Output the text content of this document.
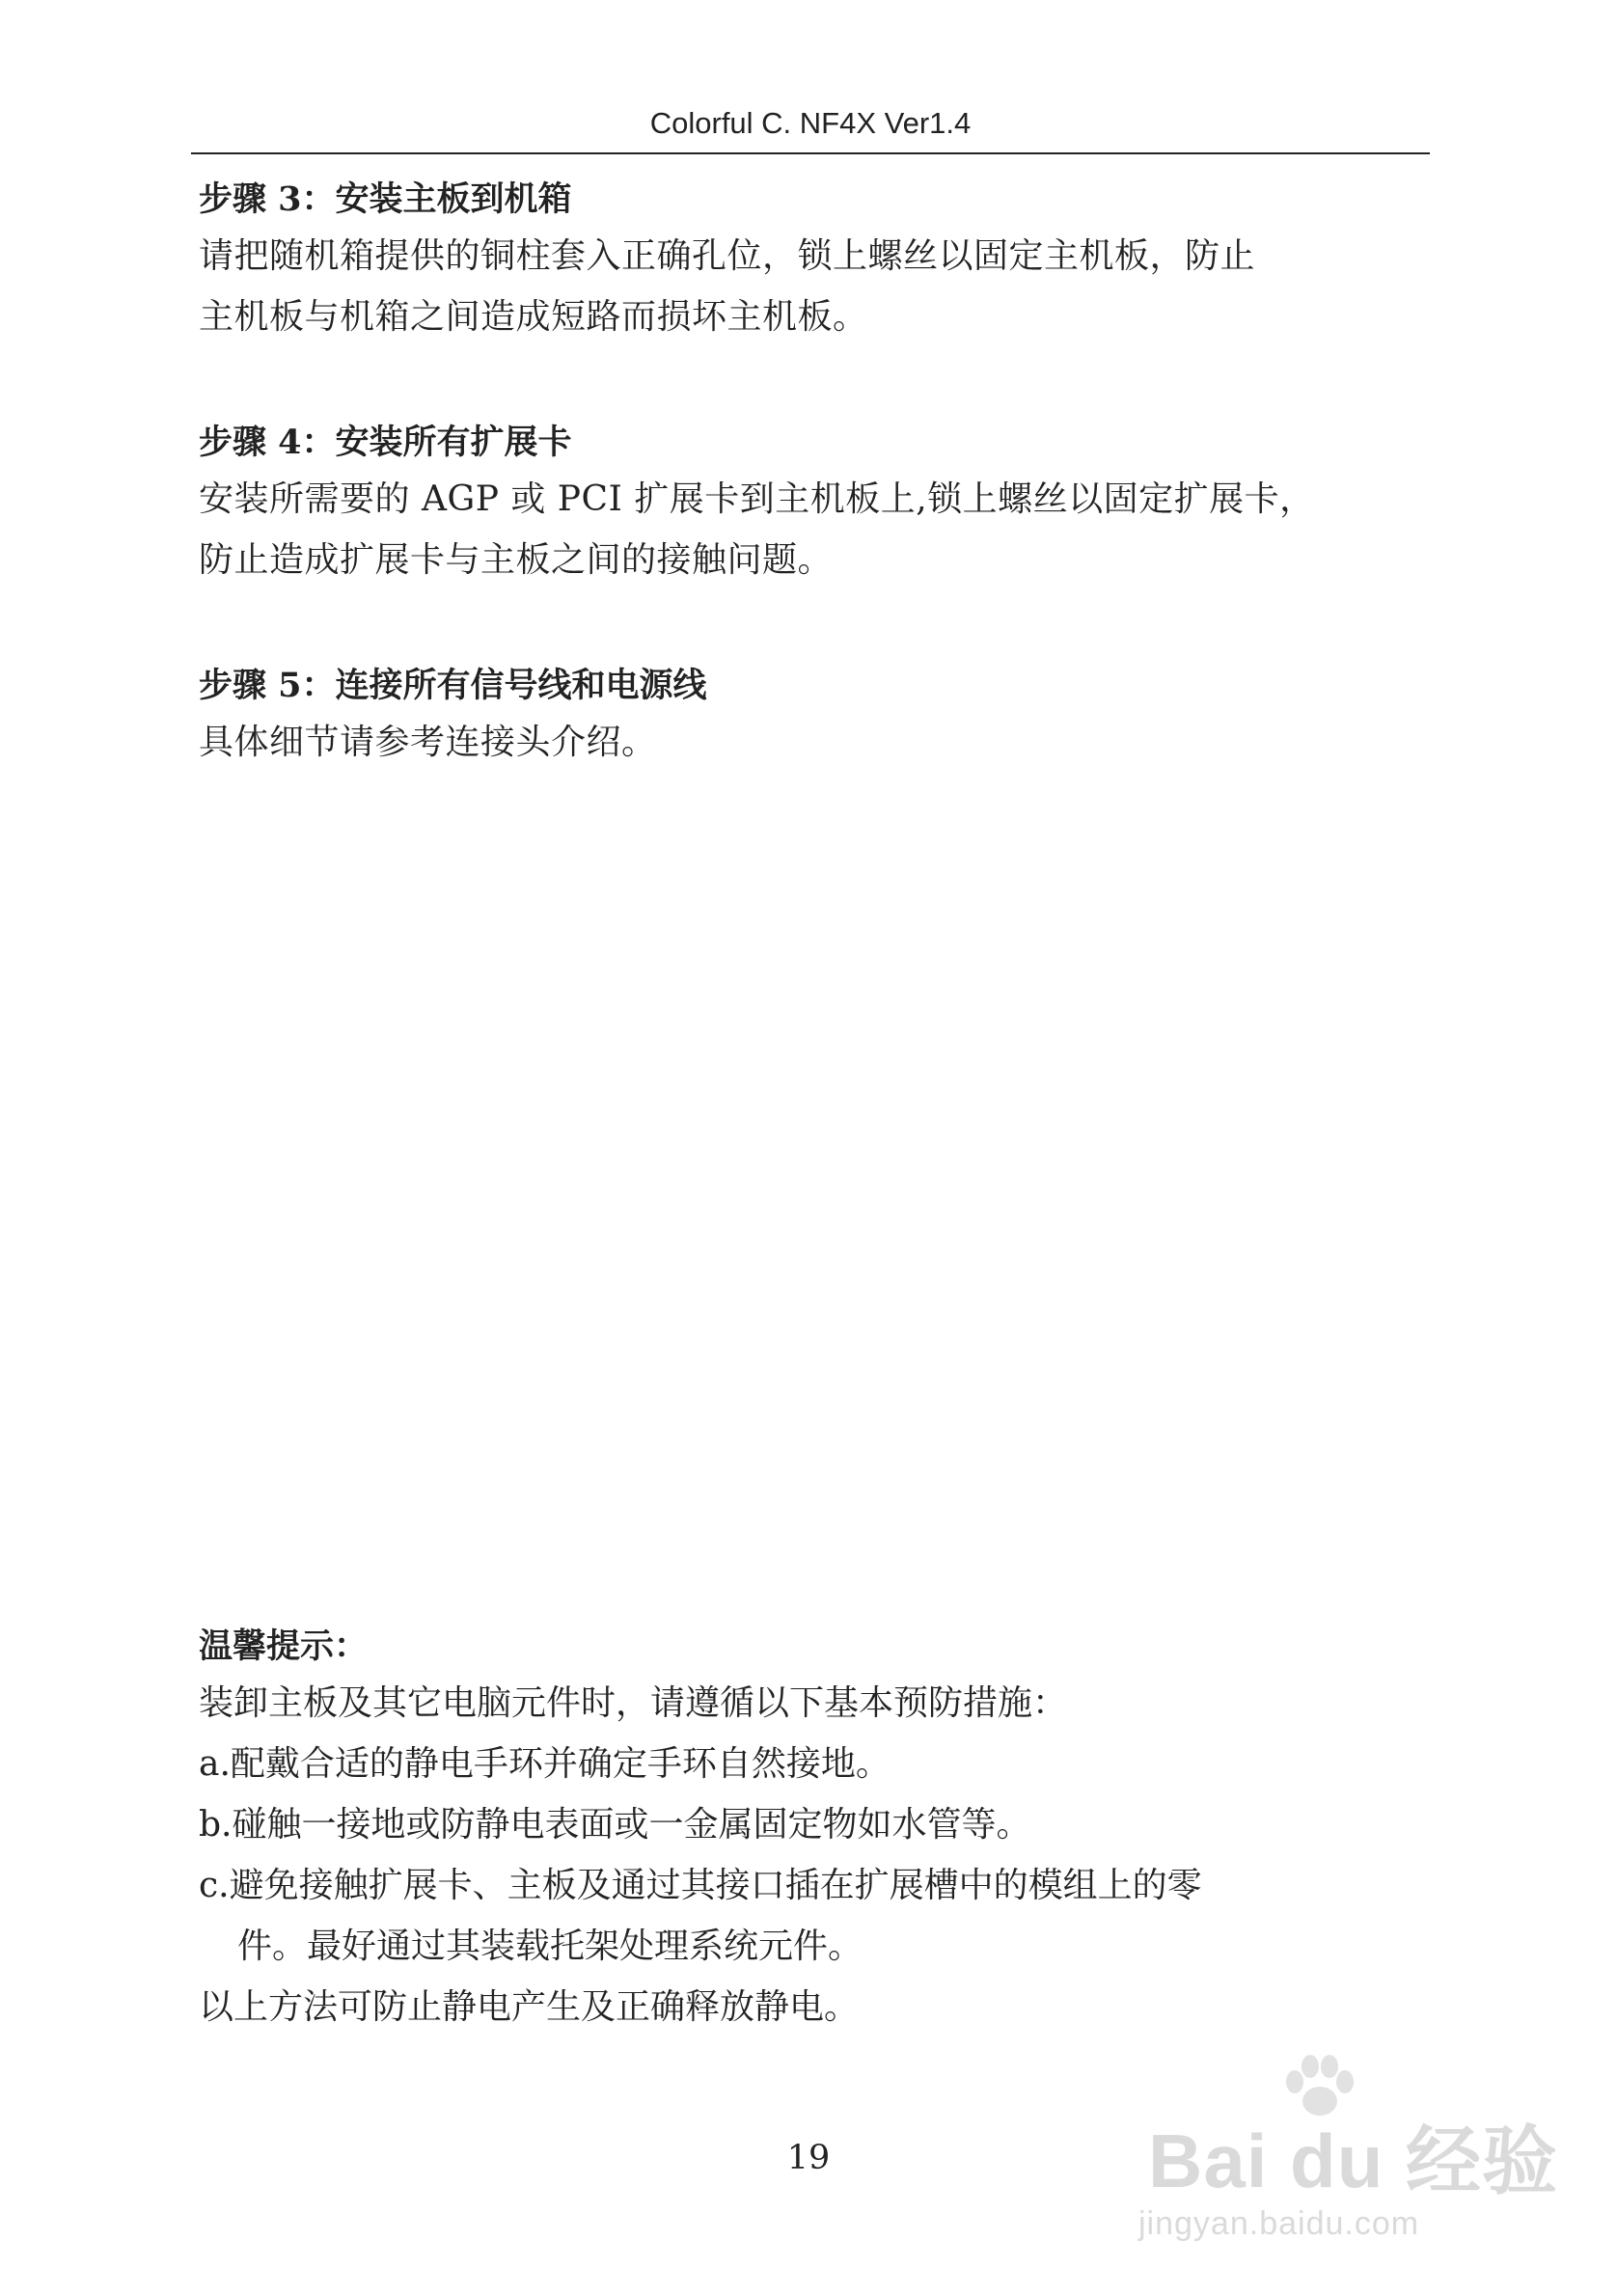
Colorful C. NF4X Ver1.4

步骤 3：安装主板到机箱

请把随机箱提供的铜柱套入正确孔位，锁上螺丝以固定主机板，防止
主机板与机箱之间造成短路而损坏主机板。

步骤 4：安装所有扩展卡

安装所需要的 AGP 或 PCI 扩展卡到主机板上,锁上螺丝以固定扩展卡，
防止造成扩展卡与主板之间的接触问题。

步骤 5：连接所有信号线和电源线

具体细节请参考连接头介绍。

温馨提示：

装卸主板及其它电脑元件时，请遵循以下基本预防措施：
a.配戴合适的静电手环并确定手环自然接地。
b.碰触一接地或防静电表面或一金属固定物如水管等。
c.避免接触扩展卡、主板及通过其接口插在扩展槽中的模组上的零
件。最好通过其装载托架处理系统元件。
以上方法可防止静电产生及正确释放静电。
19	Bai du 经验
jingyan.baidu.com
